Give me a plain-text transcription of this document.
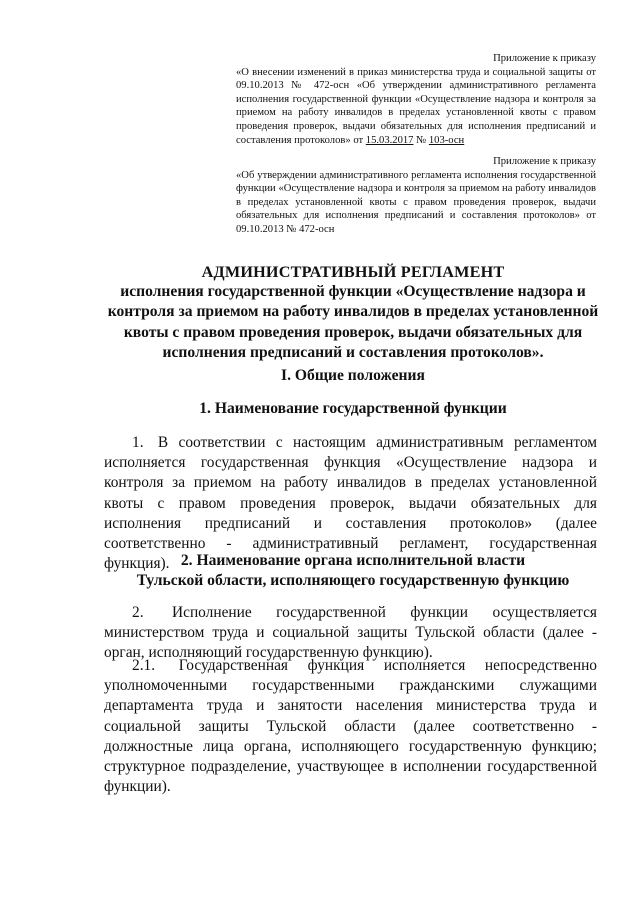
Приложение к приказу
«О внесении изменений в приказ министерства труда и социальной защиты от 09.10.2013 № 472-осн «Об утверждении административного регламента исполнения государственной функции «Осуществление надзора и контроля за приемом на работу инвалидов в пределах установленной квоты с правом проведения проверок, выдачи обязательных для исполнения предписаний и составления протоколов» от 15.03.2017 № 103-осн
Приложение к приказу
«Об утверждении административного регламента исполнения государственной функции «Осуществление надзора и контроля за приемом на работу инвалидов в пределах установленной квоты с правом проведения проверок, выдачи обязательных для исполнения предписаний и составления протоколов» от 09.10.2013 № 472-осн
АДМИНИСТРАТИВНЫЙ РЕГЛАМЕНТ
исполнения государственной функции «Осуществление надзора и контроля за приемом на работу инвалидов в пределах установленной квоты с правом проведения проверок, выдачи обязательных для исполнения предписаний и составления протоколов».
I. Общие положения
1. Наименование государственной функции
1. В соответствии с настоящим административным регламентом исполняется государственная функция «Осуществление надзора и контроля за приемом на работу инвалидов в пределах установленной квоты с правом проведения проверок, выдачи обязательных для исполнения предписаний и составления протоколов» (далее соответственно - административный регламент, государственная функция). 2. Наименование органа исполнительной власти
Тульской области, исполняющего государственную функцию
2. Исполнение государственной функции осуществляется министерством труда и социальной защиты Тульской области (далее - орган, исполняющий государственную функцию).
2.1. Государственная функция исполняется непосредственно уполномоченными государственными гражданскими служащими департамента труда и занятости населения министерства труда и социальной защиты Тульской области (далее соответственно - должностные лица органа, исполняющего государственную функцию; структурное подразделение, участвующее в исполнении государственной функции).
